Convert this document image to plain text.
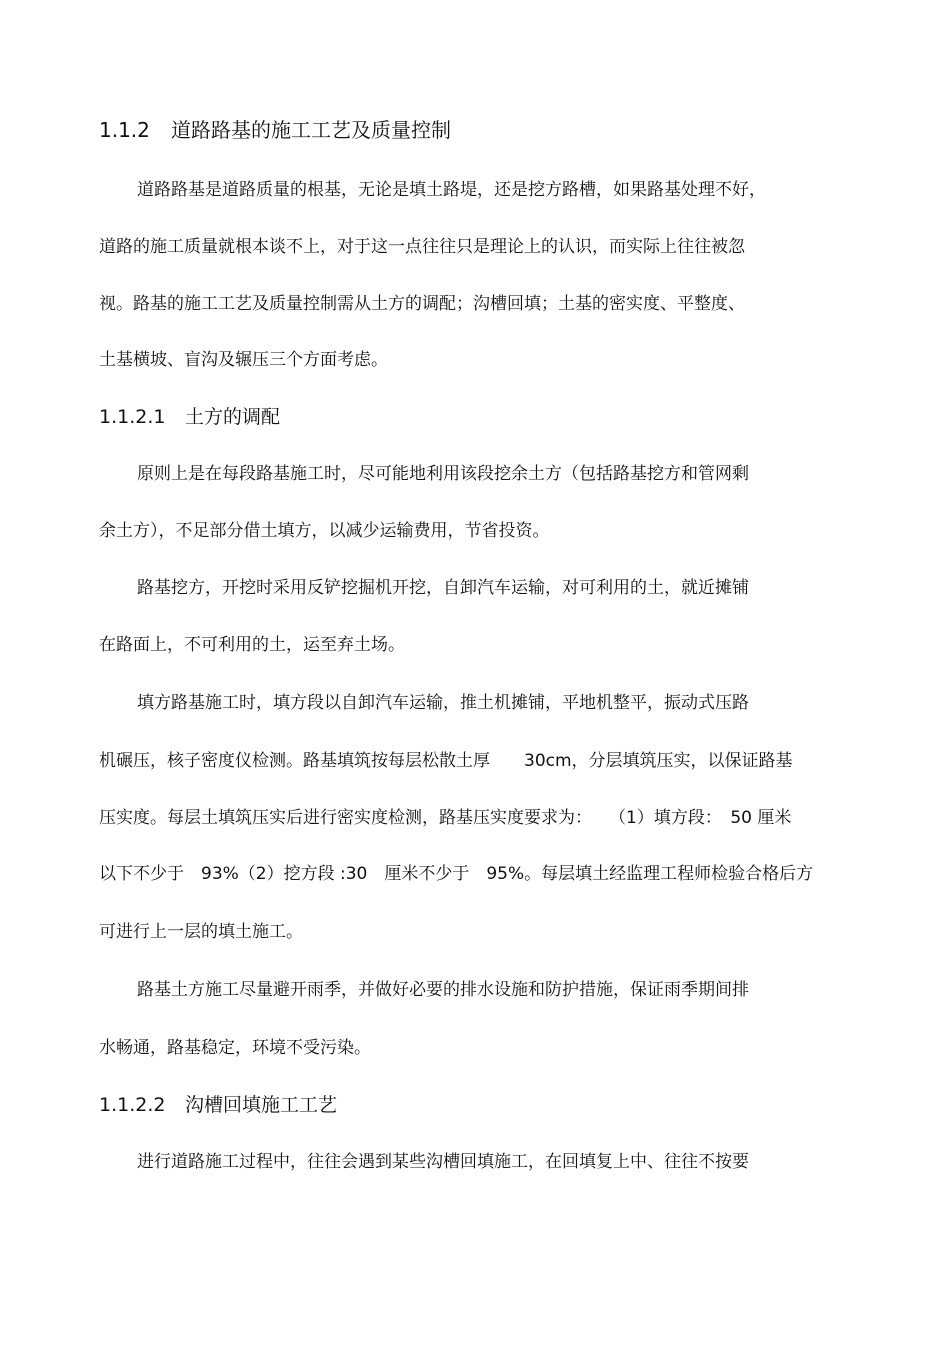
1.1.2 道路路基的施工工艺及质量控制
道路路基是道路质量的根基，无论是填土路堤，还是挖方路槽，如果路基处理不好，
道路的施工质量就根本谈不上，对于这一点往往只是理论上的认识，而实际上往往被忽
视。路基的施工工艺及质量控制需从土方的调配；沟槽回填；土基的密实度、平整度、
土基横坡、盲沟及辗压三个方面考虑。
1.1.2.1 土方的调配
原则上是在每段路基施工时，尽可能地利用该段挖余土方（包括路基挖方和管网剩
余土方），不足部分借土填方，以减少运输费用，节省投资。
路基挖方，开挖时采用反铲挖掘机开挖，自卸汽车运输，对可利用的土，就近摊铺
在路面上，不可利用的土，运至弃土场。
填方路基施工时，填方段以自卸汽车运输，推土机摊铺，平地机整平，振动式压路
机碾压，核子密度仪检测。路基填筑按每层松散土厚　　30cm，分层填筑压实，以保证路基
压实度。每层土填筑压实后进行密实度检测，路基压实度要求为：　　（1）填方段：　50 厘米
以下不少于　93%（2）挖方段 :30　厘米不少于　95%。每层填土经监理工程师检验合格后方
可进行上一层的填土施工。
路基土方施工尽量避开雨季，并做好必要的排水设施和防护措施，保证雨季期间排
水畅通，路基稳定，环境不受污染。
1.1.2.2 沟槽回填施工工艺
进行道路施工过程中，往往会遇到某些沟槽回填施工，在回填复上中、往往不按要
